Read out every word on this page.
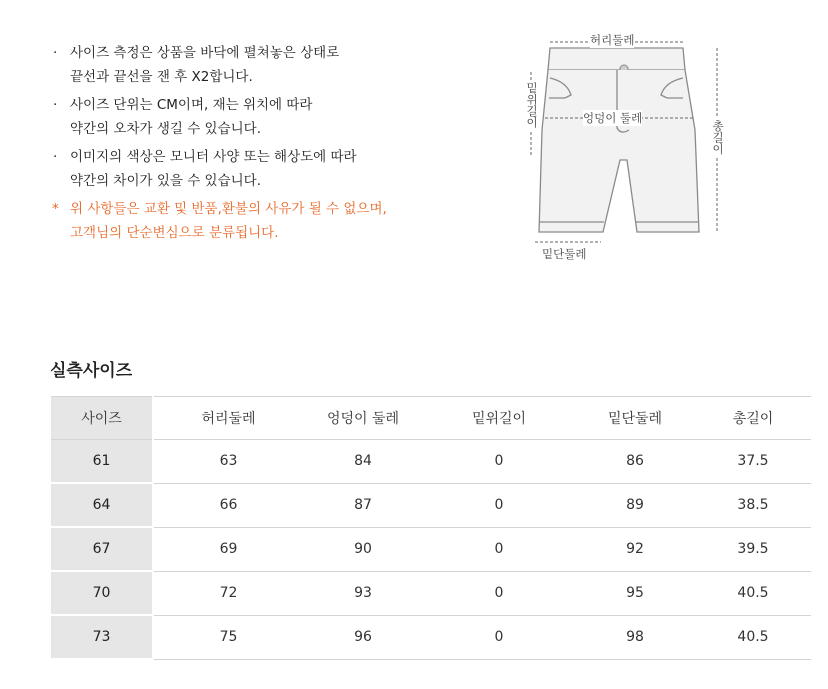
· 사이즈 측정은 상품을 바닥에 펼쳐놓은 상태로
끝선과 끝선을 잰 후 X2합니다.
· 사이즈 단위는 CM이며, 재는 위치에 따라
약간의 오차가 생길 수 있습니다.
· 이미지의 색상은 모니터 사양 또는 해상도에 따라
약간의 차이가 있을 수 있습니다.
* 위 사항들은 교환 및 반품,환불의 사유가 될 수 없으며,
고객님의 단순변심으로 분류됩니다.
허리둘레
밑위길이	엉덩이 둘레
총길이
밑단둘레
실측사이즈
사이즈	허리둘레	엉덩이 둘레	밑위길이	밑단둘레	총길이
61	63	84	0	86	37.5
64	66	87	0	89	38.5
67	69	90	0	92	39.5
70	72	93	0	95	40.5
73	75	96	0	98	40.5
